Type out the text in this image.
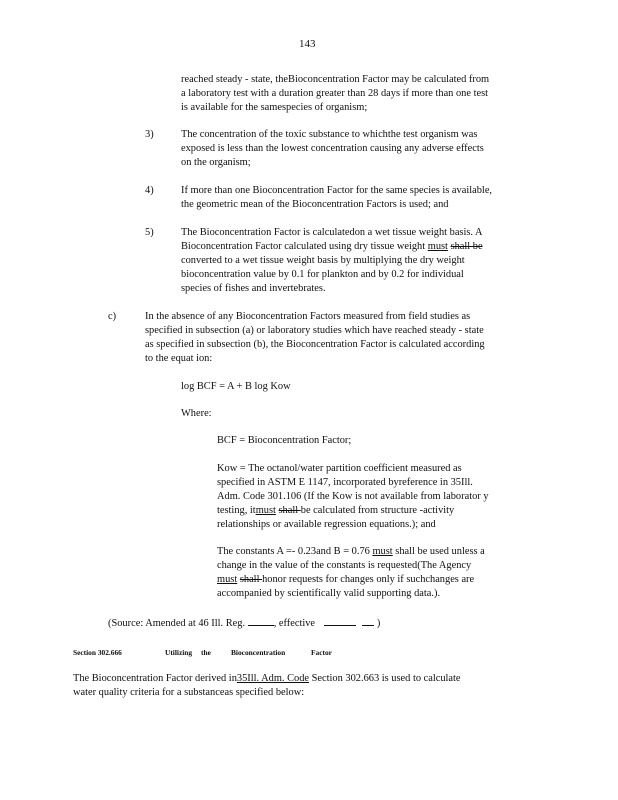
143
reached steady - state, theBioconcentration Factor may be calculated from
a laboratory test with a duration greater than 28 days if more than one test
is available for the samespecies of organism;
3)	The concentration of the toxic substance to whichthe test organism was
exposed is less than the lowest concentration causing any adverse effects
on the organism;
4)	If more than one Bioconcentration Factor for the same species is available,
the geometric mean of the Bioconcentration Factors is used; and
5)	The Bioconcentration Factor is calculatedon a wet tissue weight basis. A
Bioconcentration Factor calculated using dry tissue weight must shall be
converted to a wet tissue weight basis by multiplying the dry weight
bioconcentration value by 0.1 for plankton and by 0.2 for individual
species of fishes and invertebrates.
c)	In the absence of any Bioconcentration Factors measured from field studies as
specified in subsection (a) or laboratory studies which have reached steady - state
as specified in subsection (b), the Bioconcentration Factor is calculated according
to the equat ion:
log BCF = A + B log Kow
Where:
BCF = Bioconcentration Factor;
Kow = The octanol/water partition coefficient measured as
specified in ASTM E 1147, incorporated byreference in 35Ill.
Adm. Code 301.106 (If the Kow is not available from laborator y
testing, itmust shall be calculated from structure -activity
relationships or available regression equations.); and
The constants A =- 0.23and B = 0.76 must shall be used unless a
change in the value of the constants is requested(The Agency
must shall honor requests for changes only if suchchanges are
accompanied by scientifically valid supporting data.).
(Source: Amended at 46 Ill. Reg.	, effective	)
Section 302.666	Utilizing the	Bioconcentration	Factor
The Bioconcentration Factor derived in35Ill. Adm. Code Section 302.663 is used to calculate
water quality criteria for a substanceas specified below:
